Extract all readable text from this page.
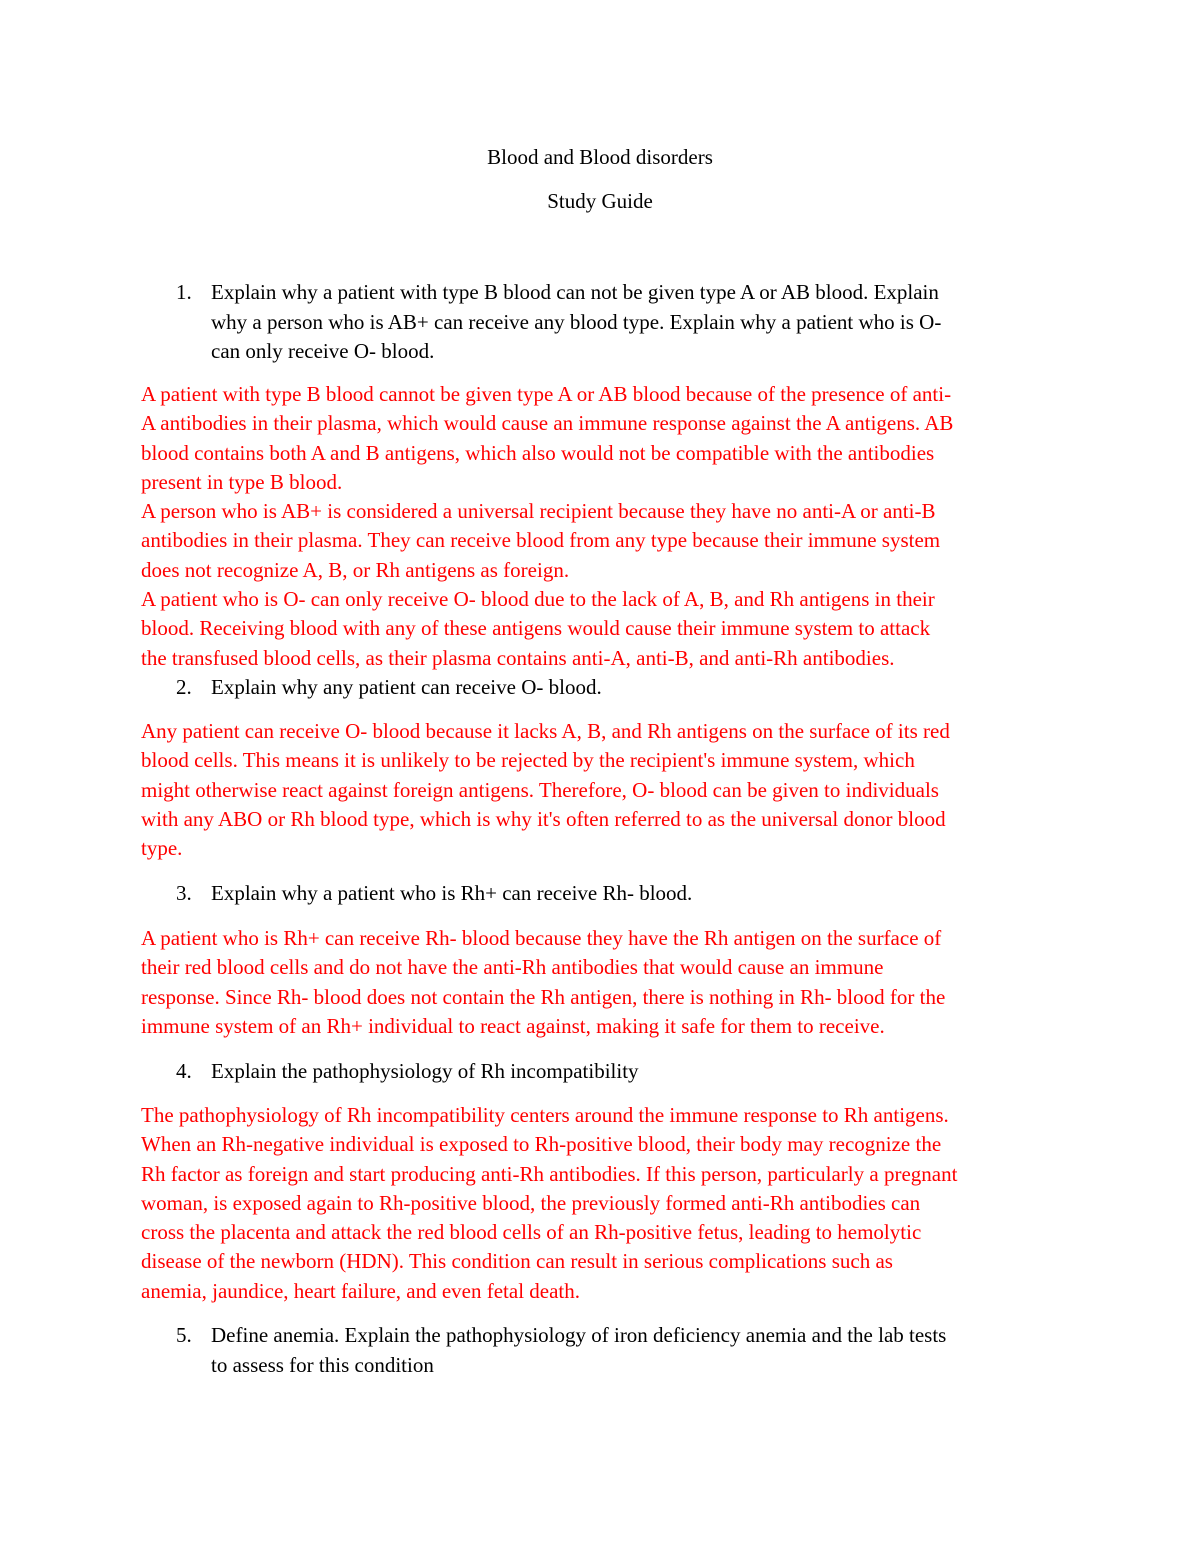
Blood and Blood disorders
Study Guide
1. Explain why a patient with type B blood can not be given type A or AB blood. Explain
why a person who is AB+ can receive any blood type. Explain why a patient who is O-
can only receive O- blood.
A patient with type B blood cannot be given type A or AB blood because of the presence of anti-
A antibodies in their plasma, which would cause an immune response against the A antigens. AB
blood contains both A and B antigens, which also would not be compatible with the antibodies
present in type B blood.
A person who is AB+ is considered a universal recipient because they have no anti-A or anti-B
antibodies in their plasma. They can receive blood from any type because their immune system
does not recognize A, B, or Rh antigens as foreign.
A patient who is O- can only receive O- blood due to the lack of A, B, and Rh antigens in their
blood. Receiving blood with any of these antigens would cause their immune system to attack
the transfused blood cells, as their plasma contains anti-A, anti-B, and anti-Rh antibodies.
2. Explain why any patient can receive O- blood.
Any patient can receive O- blood because it lacks A, B, and Rh antigens on the surface of its red
blood cells. This means it is unlikely to be rejected by the recipient's immune system, which
might otherwise react against foreign antigens. Therefore, O- blood can be given to individuals
with any ABO or Rh blood type, which is why it's often referred to as the universal donor blood
type.
3. Explain why a patient who is Rh+ can receive Rh- blood.
A patient who is Rh+ can receive Rh- blood because they have the Rh antigen on the surface of
their red blood cells and do not have the anti-Rh antibodies that would cause an immune
response. Since Rh- blood does not contain the Rh antigen, there is nothing in Rh- blood for the
immune system of an Rh+ individual to react against, making it safe for them to receive.
4. Explain the pathophysiology of Rh incompatibility
The pathophysiology of Rh incompatibility centers around the immune response to Rh antigens.
When an Rh-negative individual is exposed to Rh-positive blood, their body may recognize the
Rh factor as foreign and start producing anti-Rh antibodies. If this person, particularly a pregnant
woman, is exposed again to Rh-positive blood, the previously formed anti-Rh antibodies can
cross the placenta and attack the red blood cells of an Rh-positive fetus, leading to hemolytic
disease of the newborn (HDN). This condition can result in serious complications such as
anemia, jaundice, heart failure, and even fetal death.
5. Define anemia. Explain the pathophysiology of iron deficiency anemia and the lab tests
to assess for this condition
